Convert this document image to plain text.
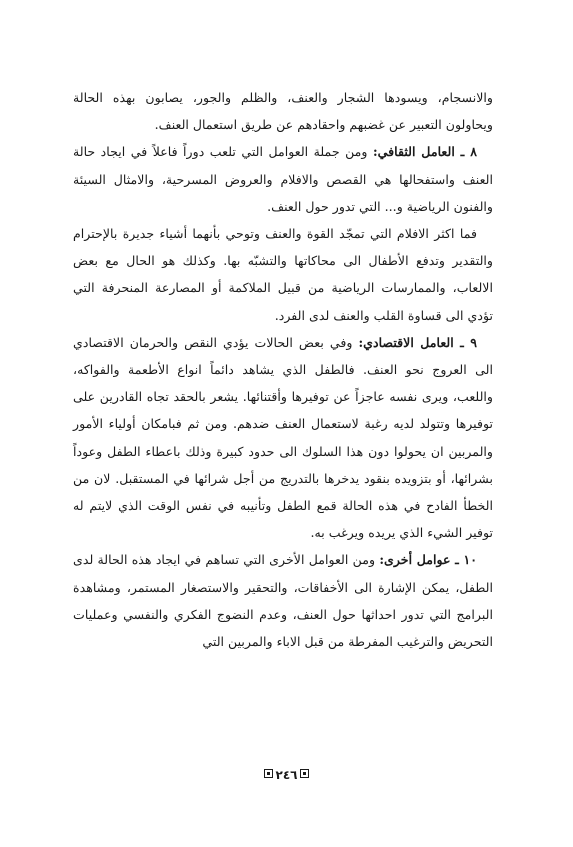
والانسجام، ويسودها الشجار والعنف، والظلم والجور، يصابون بهذه الحالة ويحاولون التعبير عن غضبهم واحقادهم عن طريق استعمال العنف.

٨ ـ العامل الثقافي: ومن جملة العوامل التي تلعب دوراً فاعلاً في ايجاد حالة العنف واستفحالها هي القصص والافلام والعروض المسرحية، والامثال السيئة والفنون الرياضية و... التي تدور حول العنف.

فما اكثر الافلام التي تمجّد القوة والعنف وتوحي بأنهما أشياء جديرة بالإحترام والتقدير وتدفع الأطفال الى محاكاتها والتشبّه بها. وكذلك هو الحال مع بعض الالعاب، والممارسات الرياضية من قبيل الملاكمة أو المصارعة المنحرفة التي تؤدي الى قساوة القلب والعنف لدى الفرد.

٩ ـ العامل الاقتصادي: وفي بعض الحالات يؤدي النقص والحرمان الاقتصادي الى العروج نحو العنف. فالطفل الذي يشاهد دائماً انواع الأطعمة والفواكه، واللعب، ويرى نفسه عاجزاً عن توفيرها وأقتنائها. يشعر بالحقد تجاه القادرين على توفيرها وتتولد لديه رغبة لاستعمال العنف ضدهم. ومن ثم فبامكان أولياء الأمور والمربين ان يحولوا دون هذا السلوك الى حدود كبيرة وذلك باعطاء الطفل وعوداً بشرائها، أو بتزويده بنقود يدخرها بالتدريج من أجل شرائها في المستقبل. لان من الخطأ الفادح في هذه الحالة قمع الطفل وتأنيبه في نفس الوقت الذي لايتم له توفير الشيء الذي يريده ويرغب به.

١٠ ـ عوامل أخرى: ومن العوامل الأخرى التي تساهم في ايجاد هذه الحالة لدى الطفل، يمكن الإشارة الى الأخفاقات، والتحقير والاستصغار المستمر، ومشاهدة البرامج التي تدور احداثها حول العنف، وعدم النضوج الفكري والنفسي وعمليات التحريض والترغيب المفرطة من قبل الاباء والمربين التي

٢٤٦
